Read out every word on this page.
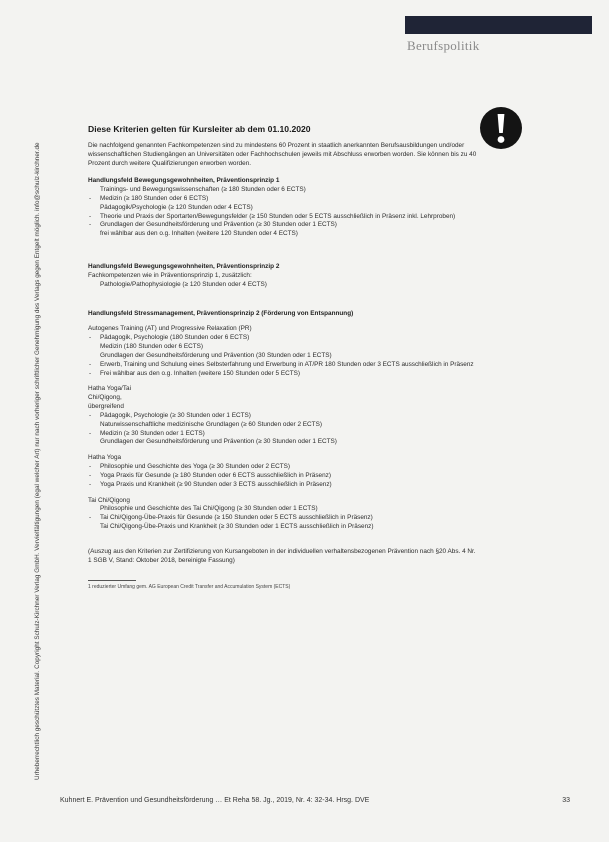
Berufspolitik
Urheberrechtlich geschütztes Material. Copyright Schulz-Kirchner Verlag GmbH. Vervielfältigungen (egal welcher Art) nur nach vorheriger schriftlicher Genehmigung des Verlags gegen Entgelt möglich. info@schulz-kirchner.de
Diese Kriterien gelten für Kursleiter ab dem 01.10.2020

Die nachfolgend genannten Fachkompetenzen sind zu mindestens 60 Prozent in staatlich anerkannten Berufsausbildungen und/oder wissenschaftlichen Studiengängen an Universitäten oder Fachhochschulen jeweils mit Abschluss erworben worden. Sie können bis zu 40 Prozent durch weitere Qualifizierungen erworben worden.

Handlungsfeld Bewegungsgewohnheiten, Präventionsprinzip 1
Trainings- und Bewegungswissenschaften (≥ 180 Stunden oder 6 ECTS)
- Medizin (≥ 180 Stunden oder 6 ECTS)
Pädagogik/Psychologie (≥ 120 Stunden oder 4 ECTS)
- Theorie und Praxis der Sportarten/Bewegungsfelder (≥ 150 Stunden oder 5 ECTS ausschließlich in Präsenz inkl. Lehrproben)
- Grundlagen der Gesundheitsförderung und Prävention (≥ 30 Stunden oder 1 ECTS)
frei wählbar aus den o.g. Inhalten (weitere 120 Stunden oder 4 ECTS)
Handlungsfeld Bewegungsgewohnheiten, Präventionsprinzip 2
Fachkompetenzen wie in Präventionsprinzip 1, zusätzlich:
Pathologie/Pathophysiologie (≥ 120 Stunden oder 4 ECTS)
Handlungsfeld Stressmanagement, Präventionsprinzip 2 (Förderung von Entspannung)
Autogenes Training (AT) und Progressive Relaxation (PR)
- Pädagogik, Psychologie (180 Stunden oder 6 ECTS)
Medizin (180 Stunden oder 6 ECTS)
Grundlagen der Gesundheitsförderung und Prävention (30 Stunden oder 1 ECTS)
- Erwerb, Training und Schulung eines Selbsterfahrung und Erwerbung in AT/PR 180 Stunden oder 3 ECTS ausschließlich in Präsenz
- Frei wählbar aus den o.g. Inhalten (weitere 150 Stunden oder 5 ECTS)
Hatha Yoga/Tai Chi/Qigong, übergreifend
- Pädagogik, Psychologie (≥ 30 Stunden oder 1 ECTS)
Naturwissenschaftliche medizinische Grundlagen (≥ 60 Stunden oder 2 ECTS)
- Medizin (≥ 30 Stunden oder 1 ECTS)
Grundlagen der Gesundheitsförderung und Prävention (≥ 30 Stunden oder 1 ECTS)
Hatha Yoga
- Philosophie und Geschichte des Yoga (≥ 30 Stunden oder 2 ECTS)
- Yoga Praxis für Gesunde (≥ 180 Stunden oder 6 ECTS ausschließlich in Präsenz)
- Yoga Praxis und Krankheit (≥ 90 Stunden oder 3 ECTS ausschließlich in Präsenz)
Tai Chi/Qigong
Philosophie und Geschichte des Tai Chi/Qigong (≥ 30 Stunden oder 1 ECTS)
- Tai Chi/Qigong-Übe-Praxis für Gesunde (≥ 150 Stunden oder 5 ECTS ausschließlich in Präsenz)
Tai Chi/Qigong-Übe-Praxis und Krankheit (≥ 30 Stunden oder 1 ECTS ausschließlich in Präsenz)

(Auszug aus den Kriterien zur Zertifizierung von Kursangeboten in der individuellen verhaltensbezogenen Prävention nach §20 Abs. 4 Nr. 1 SGB V, Stand: Oktober 2018, bereinigte Fassung)

1 reduzierter Umfang gem. AG European Credit Transfer and Accumulation System (ECTS)
Kuhnert E. Prävention und Gesundheitsförderung … Et Reha 58. Jg., 2019, Nr. 4: 32-34. Hrsg. DVE	33
